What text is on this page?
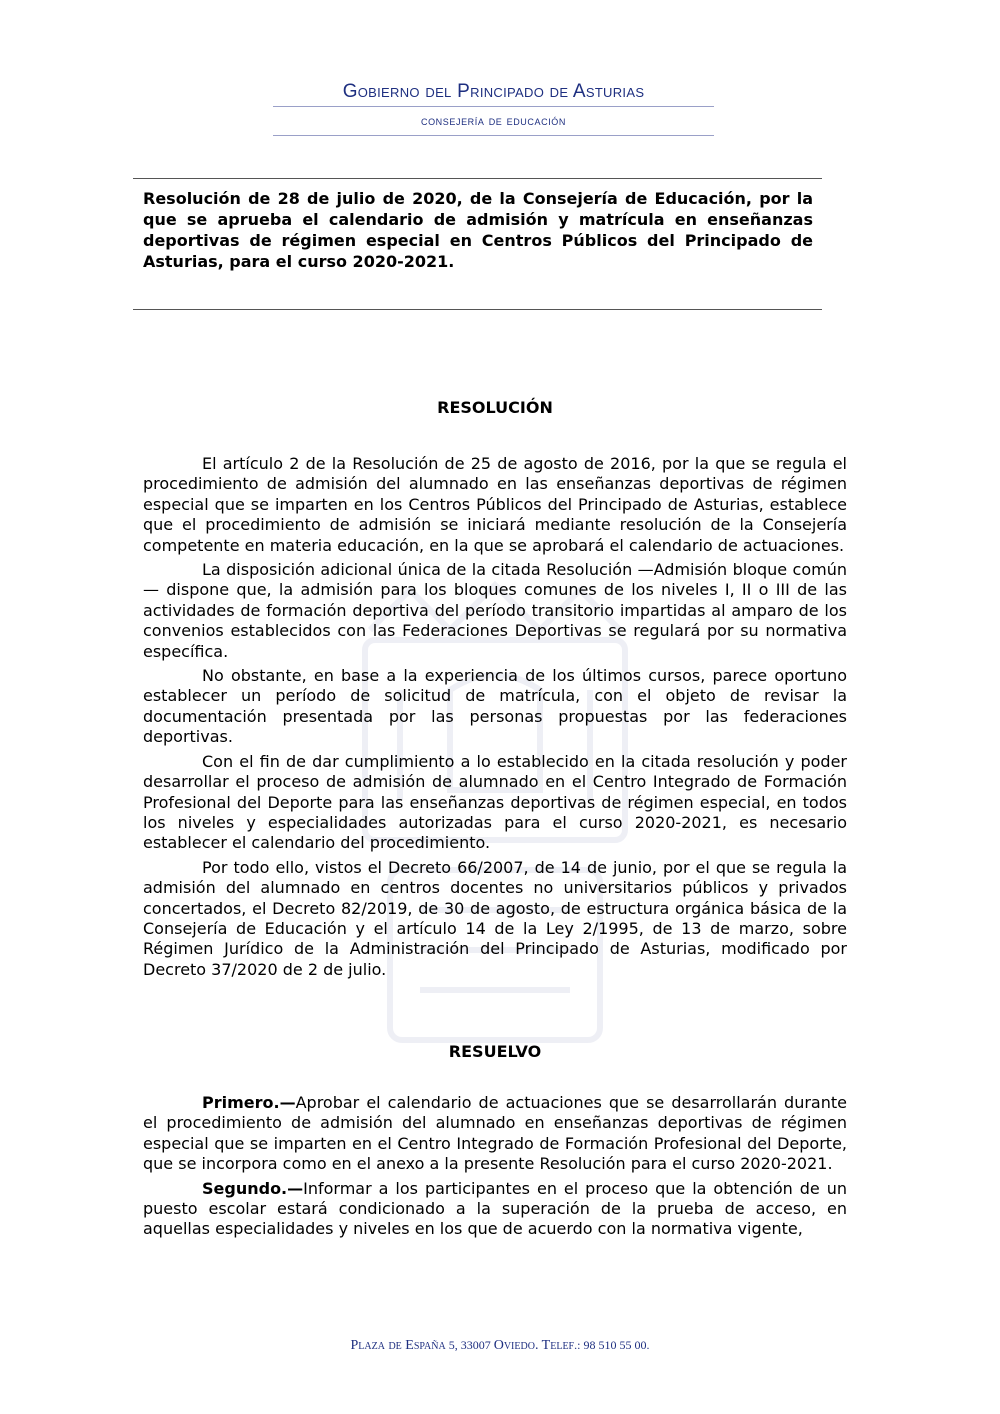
Gobierno del Principado de Asturias
consejería de educación

Resolución de 28 de julio de 2020, de la Consejería de Educación, por la que se aprueba el calendario de admisión y matrícula en enseñanzas deportivas de régimen especial en Centros Públicos del Principado de Asturias, para el curso 2020-2021.

RESOLUCIÓN

El artículo 2 de la Resolución de 25 de agosto de 2016, por la que se regula el procedimiento de admisión del alumnado en las enseñanzas deportivas de régimen especial que se imparten en los Centros Públicos del Principado de Asturias, establece que el procedimiento de admisión se iniciará mediante resolución de la Consejería competente en materia educación, en la que se aprobará el calendario de actuaciones.

La disposición adicional única de la citada Resolución —Admisión bloque común— dispone que, la admisión para los bloques comunes de los niveles I, II o III de las actividades de formación deportiva del período transitorio impartidas al amparo de los convenios establecidos con las Federaciones Deportivas se regulará por su normativa específica.

No obstante, en base a la experiencia de los últimos cursos, parece oportuno establecer un período de solicitud de matrícula, con el objeto de revisar la documentación presentada por las personas propuestas por las federaciones deportivas.

Con el fin de dar cumplimiento a lo establecido en la citada resolución y poder desarrollar el proceso de admisión de alumnado en el Centro Integrado de Formación Profesional del Deporte para las enseñanzas deportivas de régimen especial, en todos los niveles y especialidades autorizadas para el curso 2020-2021, es necesario establecer el calendario del procedimiento.

Por todo ello, vistos el Decreto 66/2007, de 14 de junio, por el que se regula la admisión del alumnado en centros docentes no universitarios públicos y privados concertados, el Decreto 82/2019, de 30 de agosto, de estructura orgánica básica de la Consejería de Educación y el artículo 14 de la Ley 2/1995, de 13 de marzo, sobre Régimen Jurídico de la Administración del Principado de Asturias, modificado por Decreto 37/2020 de 2 de julio.

RESUELVO

Primero.—Aprobar el calendario de actuaciones que se desarrollarán durante el procedimiento de admisión del alumnado en enseñanzas deportivas de régimen especial que se imparten en el Centro Integrado de Formación Profesional del Deporte, que se incorpora como en el anexo a la presente Resolución para el curso 2020-2021.

Segundo.—Informar a los participantes en el proceso que la obtención de un puesto escolar estará condicionado a la superación de la prueba de acceso, en aquellas especialidades y niveles en los que de acuerdo con la normativa vigente,

Plaza de España 5, 33007 Oviedo. Telef.: 98 510 55 00.
